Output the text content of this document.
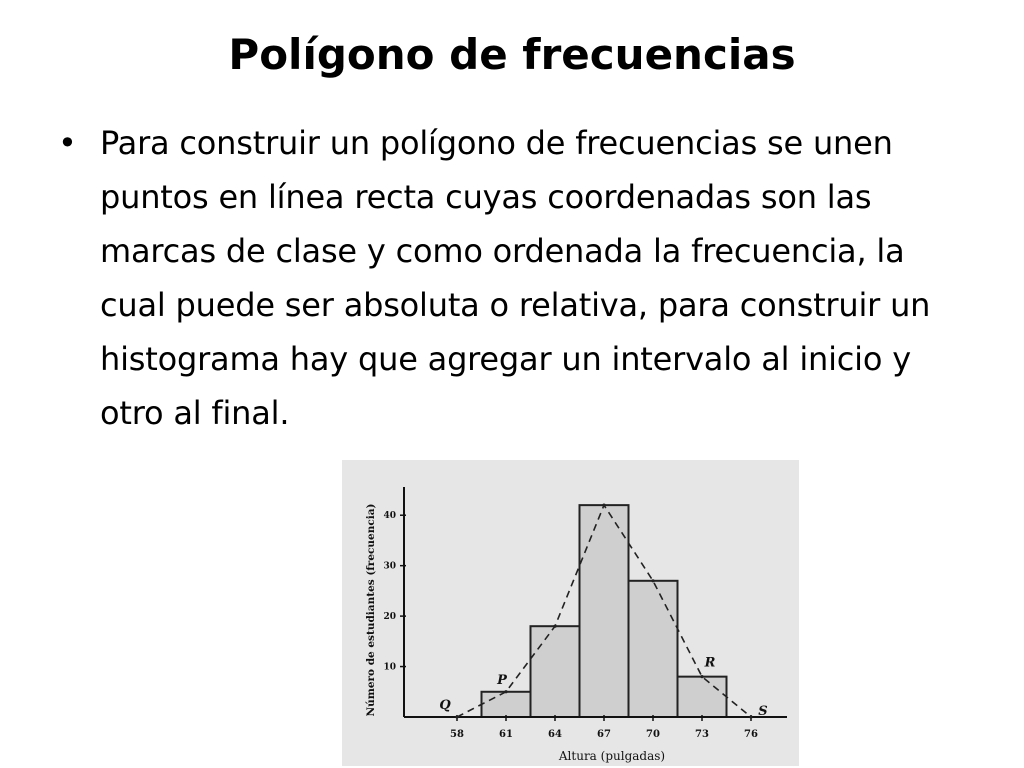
Polígono de frecuencias
• Para construir un polígono de frecuencias se unen puntos en línea recta cuyas coordenadas son las marcas de clase y como ordenada la frecuencia, la cual puede ser absoluta o relativa, para construir un histograma hay que agregar un intervalo al inicio y otro al final.
10
20
30
40
58	61	64	67	70	73	76
Q
P
R
S
Altura (pulgadas)
Número de estudiantes (frecuencia)
